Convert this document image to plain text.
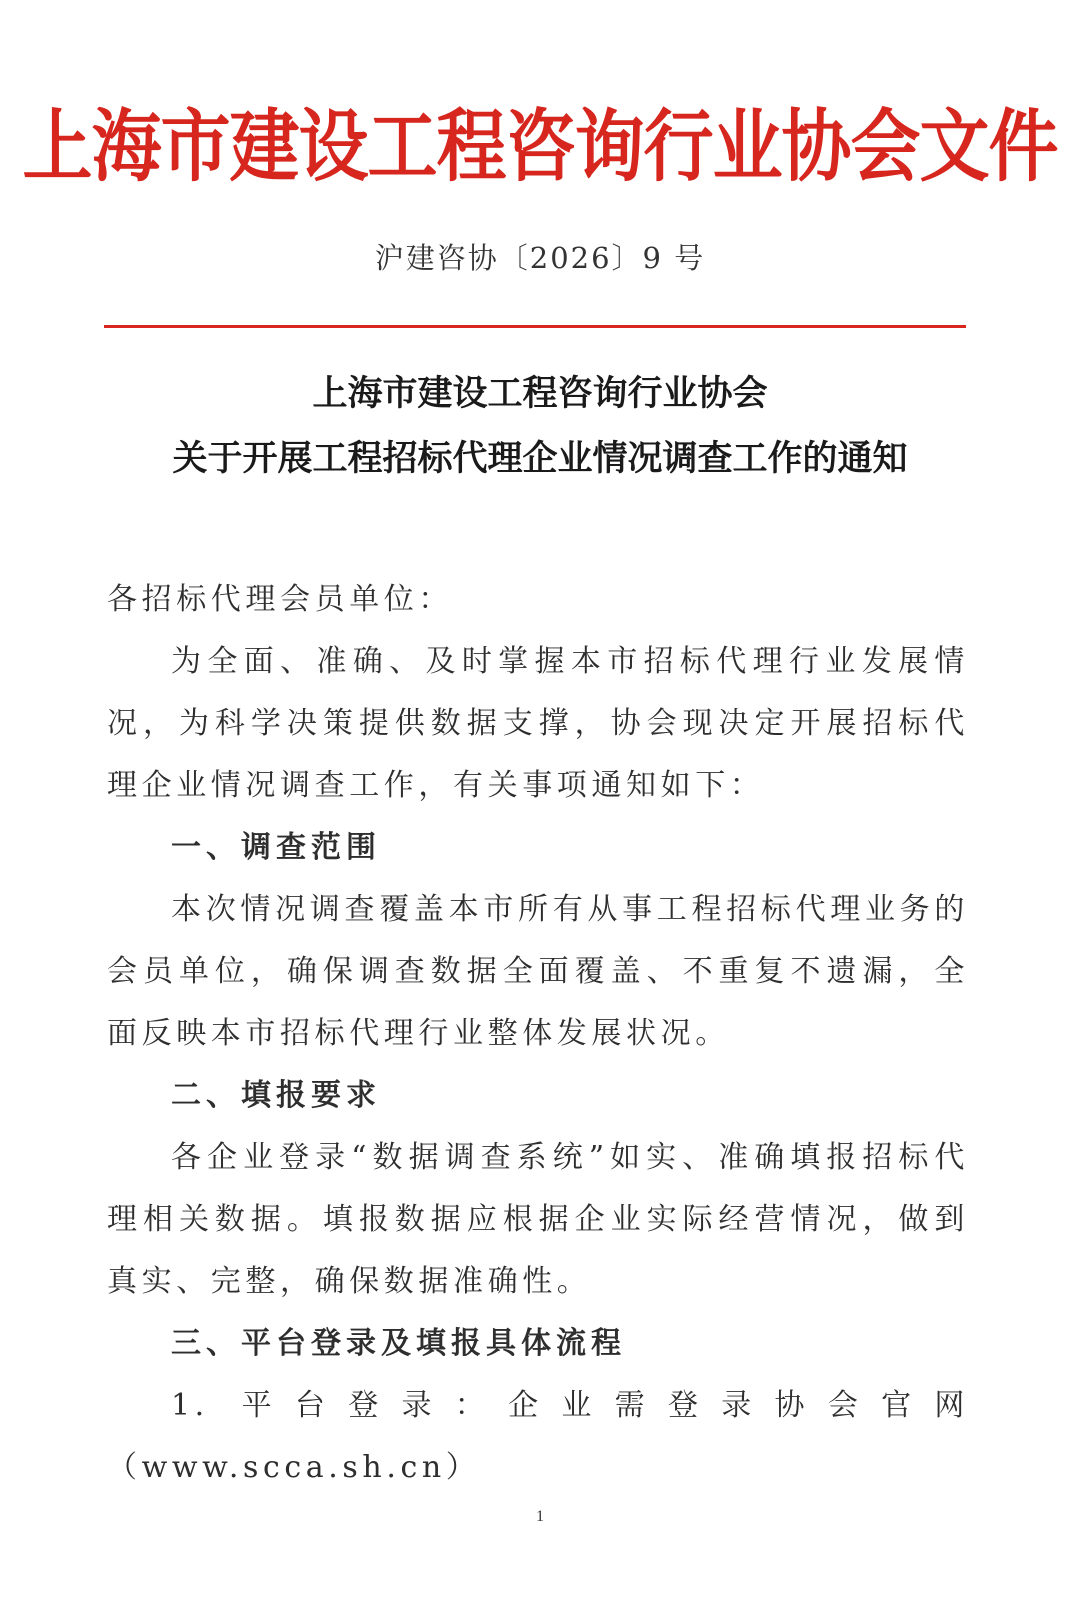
上海市建设工程咨询行业协会文件
沪建咨协〔2026〕9 号
上海市建设工程咨询行业协会
关于开展工程招标代理企业情况调查工作的通知

各招标代理会员单位：

为全面、准确、及时掌握本市招标代理行业发展情况，为科学决策提供数据支撑，协会现决定开展招标代理企业情况调查工作，有关事项通知如下：

一、调查范围

本次情况调查覆盖本市所有从事工程招标代理业务的会员单位，确保调查数据全面覆盖、不重复不遗漏，全面反映本市招标代理行业整体发展状况。

二、填报要求

各企业登录“数据调查系统”如实、准确填报招标代理相关数据。填报数据应根据企业实际经营情况，做到真实、完整，确保数据准确性。

三、平台登录及填报具体流程

1. 平台登录：企业需登录协会官网（www.scca.sh.cn）

1
